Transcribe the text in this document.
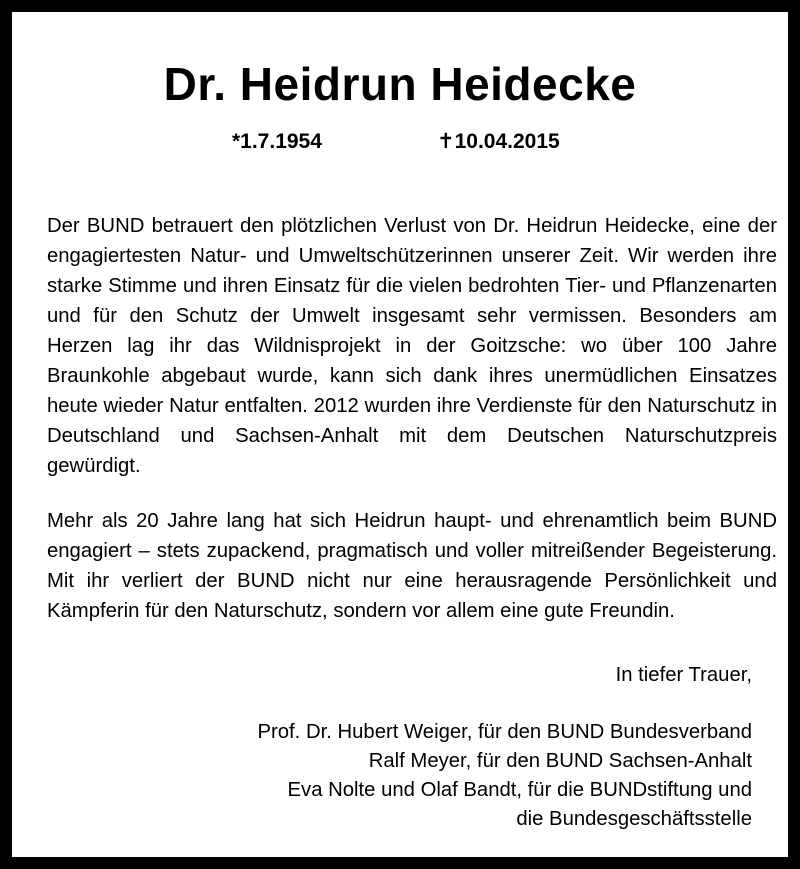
Dr. Heidrun Heidecke
*1.7.1954	✝10.04.2015
Der BUND betrauert den plötzlichen Verlust von Dr. Heidrun Heidecke, eine der engagiertesten Natur- und Umweltschützerinnen unserer Zeit. Wir werden ihre starke Stimme und ihren Einsatz für die vielen bedrohten Tier- und Pflanzenarten und für den Schutz der Umwelt insgesamt sehr vermissen. Besonders am Herzen lag ihr das Wildnisprojekt in der Goitzsche: wo über 100 Jahre Braunkohle abgebaut wurde, kann sich dank ihres unermüdlichen Einsatzes heute wieder Natur entfalten. 2012 wurden ihre Verdienste für den Naturschutz in Deutschland und Sachsen-Anhalt mit dem Deutschen Naturschutzpreis gewürdigt.
Mehr als 20 Jahre lang hat sich Heidrun haupt- und ehrenamtlich beim BUND engagiert – stets zupackend, pragmatisch und voller mitreißender Begeisterung. Mit ihr verliert der BUND nicht nur eine herausragende Persönlichkeit und Kämpferin für den Naturschutz, sondern vor allem eine gute Freundin.
In tiefer Trauer,
Prof. Dr. Hubert Weiger, für den BUND Bundesverband
Ralf Meyer, für den BUND Sachsen-Anhalt
Eva Nolte und Olaf Bandt, für die BUNDstiftung und
die Bundesgeschäftsstelle
